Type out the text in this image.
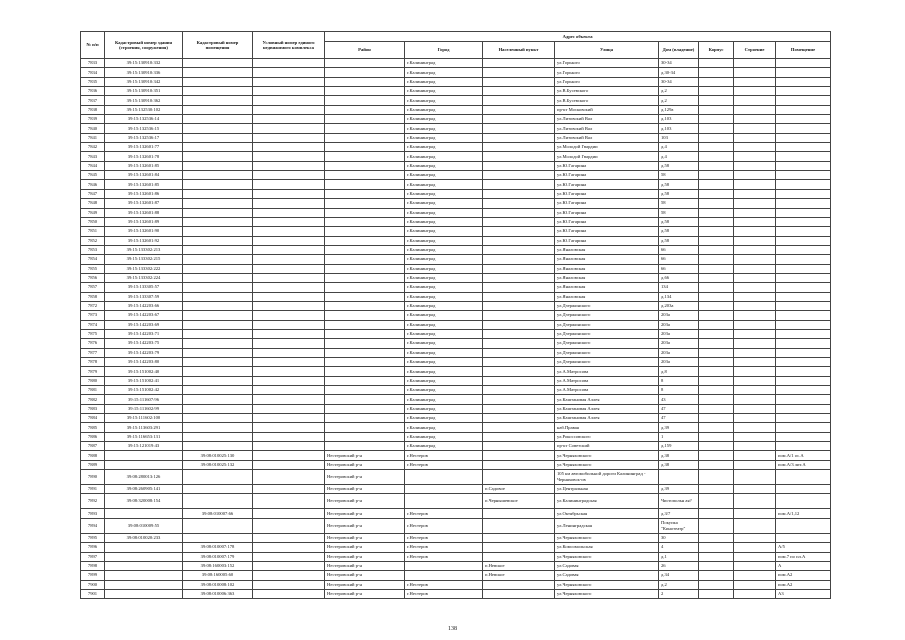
№ п/п	Кадастровый номер здания (строения, сооружения)	Кадастровый номер помещения	Условный номер единого недвижимого комплекса	Адрес объекта							
				Район	Город	Населенный пункт	Улица	Дом (владение)	Корпус	Строение	Помещение
7833	39:15:130910:332				г.Калининград		ул.Горького	30-34			
7834	39:15:130910:336				г.Калининград		ул.Горького	д.30-34			
7835	39:15:130910:342				г.Калининград		ул.Горького	30-34			
7836	39:15:130910:351				г.Калининград		ул.В.Бусевского	д.2			
7837	39:15:130910:362				г.Калининград		ул.В.Бусевского	д.2			
7838	39:15:132530:102				г.Калининград		пр-кт Московский	д.129а			
7839	39:15:132536:14				г.Калининград		ул.Литовский Вал	д.103			
7840	39:15:132536:15				г.Калининград		ул.Литовский Вал	д.103			
7841	39:15:132536:17				г.Калининград		ул.Литовский Вал	103			
7842	39:15:132601:77				г.Калининград		ул.Молодой Гвардии	д.4			
7843	39:15:132601:78				г.Калининград		ул.Молодой Гвардии	д.4			
7844	39:15:132601:85				г.Калининград		ул.Ю.Гагарина	д.58			
7845	39:15:132601:84				г.Калининград		ул.Ю.Гагарина	58			
7846	39:15:132601:85				г.Калининград		ул.Ю.Гагарина	д.58			
7847	39:15:132601:86				г.Калининград		ул.Ю.Гагарина	д.58			
7848	39:15:132601:87				г.Калининград		ул.Ю.Гагарина	58			
7849	39:15:132601:88				г.Калининград		ул.Ю.Гагарина	58			
7850	39:15:132601:89				г.Калининград		ул.Ю.Гагарина	д.58			
7851	39:15:132601:90				г.Калининград		ул.Ю.Гагарина	д.58			
7852	39:15:132601:92				г.Калининград		ул.Ю.Гагарина	д.58			
7853	39:15:133302:213				г.Калининград		ул.Яналовская	66			
7854	39:15:133302:215				г.Калининград		ул.Яналовская	66			
7855	39:15:133302:222				г.Калининград		ул.Яналовская	66			
7856	39:15:133302:224				г.Калининград		ул.Яналовская	д.66			
7857	39:15:133305:57				г.Калининград		ул.Яналовская	134			
7858	39:15:133307:59				г.Калининград		ул.Яналовская	д.134			
7872	39:15:142203:66				г.Калининград		ул.Дзержинского	д.203а			
7873	39:15:142203:67				г.Калининград		ул.Дзержинского	203а			
7874	39:15:142203:69				г.Калининград		ул.Дзержинского	203а			
7875	39:15:142203:71				г.Калининград		ул.Дзержинского	203а			
7876	39:15:142203:75				г.Калининград		ул.Дзержинского	203а			
7877	39:15:142203:79				г.Калининград		ул.Дзержинского	203а			
7878	39:15:142203:80				г.Калининград		ул.Дзержинского	203а			
7879	39:15:151002:40				г.Калининград		ул.А.Матросова	д.8			
7880	39:15:151002:41				г.Калининград		ул.А.Матросова	8			
7881	39:15:151002:42				г.Калининград		ул.А.Матросова	8			
7882	39:15:111607:96				г.Калининград		ул.Каштановая Аллея	43			
7883	39:15:111602:99				г.Калининград		ул.Каштановая Аллея	47			
7884	39:15:111602:100				г.Калининград		ул.Каштановая Аллея	47			
7885	39:15:113603:291				г.Калининград		наб.Правая	д.39			
7886	39:15:116653:131				г.Калининград		ул.Рокоссовского	1			
7887	39:15:121019:43				г.Калининград		пр-кт Советский	д.159			
7888		39:08:010025:130		Нестеровский р-н	г.Нестеров		ул.Черняховского	д.38			пом.А/1 ос.А
7889		39:08:010025:132		Нестеровский р-н	г.Нестеров		ул.Черняховского	д.38			пом.А/3 лит.А
7890	39:08:280013:126			Нестеровский р-н			105 км автомобильной дороги Калининград - Черняховск-ов				
7891	39:08:260905:141			Нестеровский р-н		п.Садовое	ул.Центральная	д.39			
7892	39:08:320008:154			Нестеровский р-н		п.Чернышевское	ул.Калининградская	Чистопольн ая?			
7893		39:08:010007:66		Нестеровский р-н	г.Нестеров		ул.Октябрьская	д.3/7			пом.А/1,12
7894	39:08:010009:55			Нестеровский р-н	г.Нестеров		ул.Ленинградская	Покупка "Кинотеатр"			
7895	39:08:010020:233			Нестеровский р-н	г.Нестеров		ул.Черняховского	30			
7896		39:08:010007:178		Нестеровский р-н	г.Нестеров		ул.Комсомольская	4			А/5
7897		39:08:010007:179		Нестеровский р-н	г.Нестеров		ул.Черняховского	д.1			пом.7 по пл.А
7898		39:08:160003:152		Нестеровский р-н		п.Невское	ул.Садовая	26			А
7899		39:08:160005:60		Нестеровский р-н		п.Невское	ул.Садовая	д.34			пом.А2
7900		39:08:010008:102		Нестеровский р-н	г.Нестеров		ул.Черняховского	д.2			пом.А2
7901		39:08:010006:363		Нестеровский р-н	г.Нестеров		ул.Черняховского	2			А3
138
